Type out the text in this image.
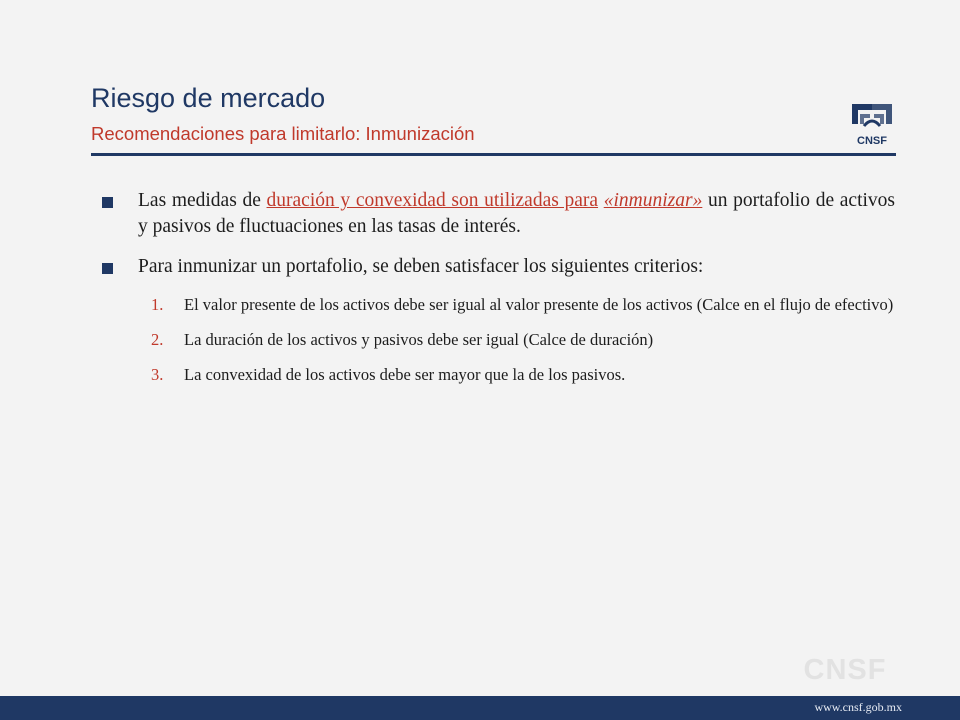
Riesgo de mercado
Recomendaciones para limitarlo: Inmunización	CNSF
Las medidas de duración y convexidad son utilizadas para «inmunizar» un portafolio de activos y pasivos de fluctuaciones en las tasas de interés.
Para inmunizar un portafolio, se deben satisfacer los siguientes criterios:
1. El valor presente de los activos debe ser igual al valor presente de los activos (Calce en el flujo de efectivo)
2. La duración de los activos y pasivos debe ser igual (Calce de duración)
3. La convexidad de los activos debe ser mayor que la de los pasivos.
CNSF
www.cnsf.gob.mx
